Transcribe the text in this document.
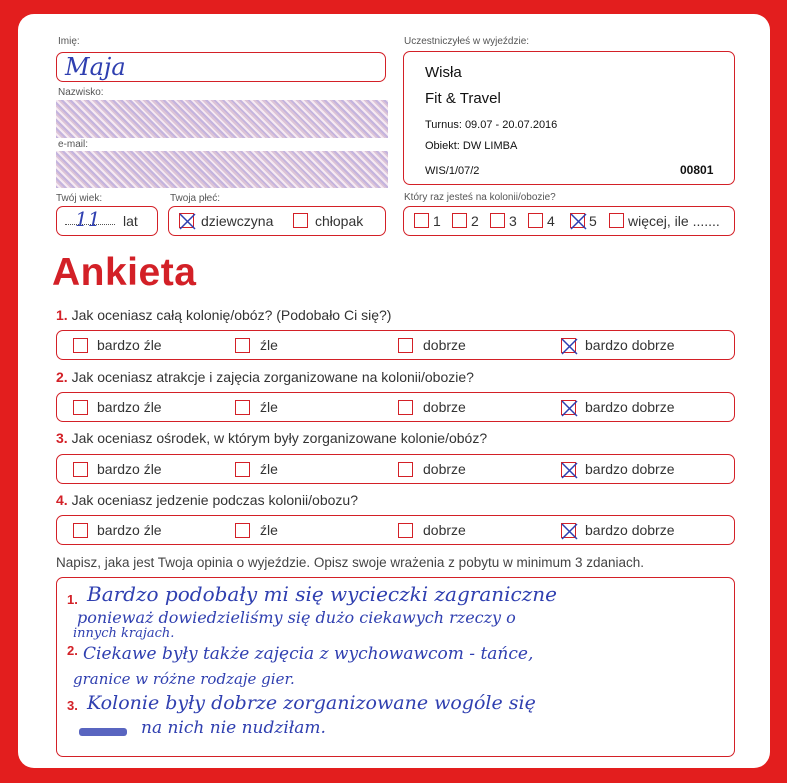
Imię:
Maja
Nazwisko:
e-mail:
Twój wiek:
11 lat
Twoja płeć:
dziewczyna	chłopak
Uczestniczyłeś w wyjeździe:
Wisła
Fit & Travel
Turnus: 09.07 - 20.07.2016
Obiekt: DW LIMBA
WIS/1/07/2	00801
Który raz jesteś na kolonii/obozie?
1 2 3 4 5 więcej, ile .......
Ankieta
1. Jak oceniasz całą kolonię/obóz? (Podobało Ci się?)
bardzo źle	źle	dobrze	bardzo dobrze
2. Jak oceniasz atrakcje i zajęcia zorganizowane na kolonii/obozie?
bardzo źle	źle	dobrze	bardzo dobrze
3. Jak oceniasz ośrodek, w którym były zorganizowane kolonie/obóz?
bardzo źle	źle	dobrze	bardzo dobrze
4. Jak oceniasz jedzenie podczas kolonii/obozu?
bardzo źle	źle	dobrze	bardzo dobrze
Napisz, jaka jest Twoja opinia o wyjeździe. Opisz swoje wrażenia z pobytu w minimum 3 zdaniach.
1.
2.
3.
Bardzo podobały mi się wycieczki zagraniczne
ponieważ dowiedzieliśmy się dużo ciekawych rzeczy o
innych krajach.
Ciekawe były także zajęcia z wychowawcom - tańce,
granice w różne rodzaje gier.
Kolonie były dobrze zorganizowane wogóle się
na nich nie nudziłam.
